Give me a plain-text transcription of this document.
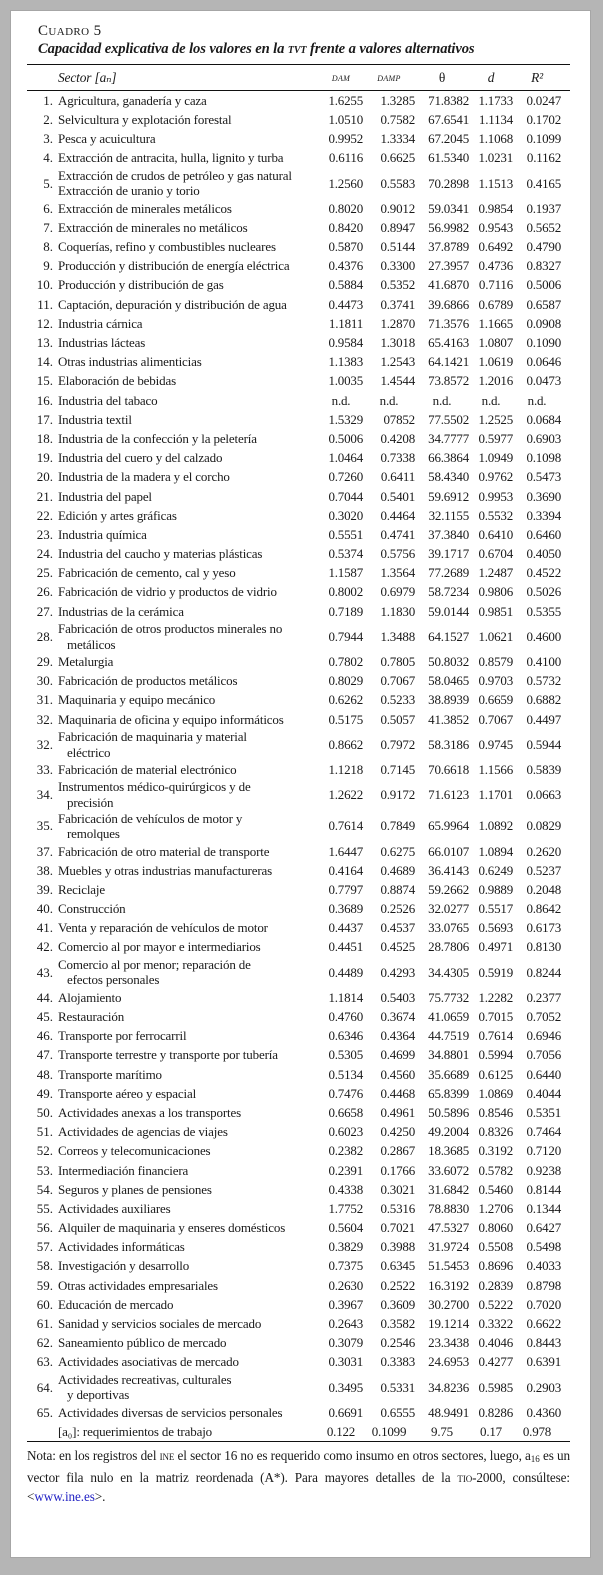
Cuadro 5
Capacidad explicativa de los valores en la tvt frente a valores alternativos
Sector [aₙ]	dam	damp	θ	d	R²
1. Agricultura, ganadería y caza	1.6255	1.3285	71.8382 1.1733	0.0247
2. Selvicultura y explotación forestal	1.0510	0.7582	67.6541 1.1134	0.1702
3. Pesca y acuicultura	0.9952	1.3334	67.2045 1.1068	0.1099
4. Extracción de antracita, hulla, lignito y turba	0.6116	0.6625	61.5340 1.0231	0.1162
5.
Extracción de crudos de petróleo y gas natural
Extracción de uranio y torio
1.2560	0.5583	70.2898 1.1513	0.4165
6. Extracción de minerales metálicos	0.8020	0.9012	59.0341 0.9854	0.1937
7. Extracción de minerales no metálicos	0.8420	0.8947	56.9982 0.9543	0.5652
8. Coquerías, refino y combustibles nucleares	0.5870	0.5144	37.8789 0.6492	0.4790
9. Producción y distribución de energía eléctrica	0.4376	0.3300	27.3957 0.4736	0.8327
10. Producción y distribución de gas	0.5884	0.5352	41.6870 0.7116	0.5006
11. Captación, depuración y distribución de agua	0.4473	0.3741	39.6866 0.6789	0.6587
12. Industria cárnica	1.1811	1.2870	71.3576 1.1665	0.0908
13. Industrias lácteas	0.9584	1.3018	65.4163 1.0807	0.1090
14. Otras industrias alimenticias	1.1383	1.2543	64.1421 1.0619	0.0646
15. Elaboración de bebidas	1.0035	1.4544	73.8572 1.2016	0.0473
16. Industria del tabaco	n.d.	n.d.	n.d.	n.d.	n.d.
17. Industria textil	1.5329	07852	77.5502 1.2525	0.0684
18. Industria de la confección y la peletería	0.5006	0.4208	34.7777 0.5977	0.6903
19. Industria del cuero y del calzado	1.0464	0.7338	66.3864 1.0949	0.1098
20. Industria de la madera y el corcho	0.7260	0.6411	58.4340 0.9762	0.5473
21. Industria del papel	0.7044	0.5401	59.6912 0.9953	0.3690
22. Edición y artes gráficas	0.3020	0.4464	32.1155 0.5532	0.3394
23. Industria química	0.5551	0.4741	37.3840 0.6410	0.6460
24. Industria del caucho y materias plásticas	0.5374	0.5756	39.1717 0.6704	0.4050
25. Fabricación de cemento, cal y yeso	1.1587	1.3564	77.2689 1.2487	0.4522
26. Fabricación de vidrio y productos de vidrio	0.8002	0.6979	58.7234 0.9806	0.5026
27. Industrias de la cerámica	0.7189	1.1830	59.0144 0.9851	0.5355
28.
Fabricación de otros productos minerales no
metálicos
0.7944	1.3488	64.1527 1.0621	0.4600
29. Metalurgia	0.7802	0.7805	50.8032 0.8579	0.4100
30. Fabricación de productos metálicos	0.8029	0.7067	58.0465 0.9703	0.5732
31. Maquinaria y equipo mecánico	0.6262	0.5233	38.8939 0.6659	0.6882
32. Maquinaria de oficina y equipo informáticos	0.5175	0.5057	41.3852 0.7067	0.4497
32.
Fabricación de maquinaria y material
eléctrico
0.8662	0.7972	58.3186 0.9745	0.5944
33. Fabricación de material electrónico	1.1218	0.7145	70.6618 1.1566	0.5839
34.
Instrumentos médico-quirúrgicos y de
precisión
1.2622	0.9172	71.6123 1.1701	0.0663
35.
Fabricación de vehículos de motor y
remolques
0.7614	0.7849	65.9964 1.0892	0.0829
37. Fabricación de otro material de transporte	1.6447	0.6275	66.0107 1.0894	0.2620
38. Muebles y otras industrias manufactureras	0.4164	0.4689	36.4143 0.6249	0.5237
39. Reciclaje	0.7797	0.8874	59.2662 0.9889	0.2048
40. Construcción	0.3689	0.2526	32.0277 0.5517	0.8642
41. Venta y reparación de vehículos de motor	0.4437	0.4537	33.0765 0.5693	0.6173
42. Comercio al por mayor e intermediarios	0.4451	0.4525	28.7806 0.4971	0.8130
43.
Comercio al por menor; reparación de
efectos personales
0.4489	0.4293	34.4305 0.5919	0.8244
44. Alojamiento	1.1814	0.5403	75.7732 1.2282	0.2377
45. Restauración	0.4760	0.3674	41.0659 0.7015	0.7052
46. Transporte por ferrocarril	0.6346	0.4364	44.7519 0.7614	0.6946
47. Transporte terrestre y transporte por tubería	0.5305	0.4699	34.8801 0.5994	0.7056
48. Transporte marítimo	0.5134	0.4560	35.6689 0.6125	0.6440
49. Transporte aéreo y espacial	0.7476	0.4468	65.8399 1.0869	0.4044
50. Actividades anexas a los transportes	0.6658	0.4961	50.5896 0.8546	0.5351
51. Actividades de agencias de viajes	0.6023	0.4250	49.2004 0.8326	0.7464
52. Correos y telecomunicaciones	0.2382	0.2867	18.3685 0.3192	0.7120
53. Intermediación financiera	0.2391	0.1766	33.6072 0.5782	0.9238
54. Seguros y planes de pensiones	0.4338	0.3021	31.6842 0.5460	0.8144
55. Actividades auxiliares	1.7752	0.5316	78.8830 1.2706	0.1344
56. Alquiler de maquinaria y enseres domésticos	0.5604	0.7021	47.5327 0.8060	0.6427
57. Actividades informáticas	0.3829	0.3988	31.9724 0.5508	0.5498
58. Investigación y desarrollo	0.7375	0.6345	51.5453 0.8696	0.4033
59. Otras actividades empresariales	0.2630	0.2522	16.3192 0.2839	0.8798
60. Educación de mercado	0.3967	0.3609	30.2700 0.5222	0.7020
61. Sanidad y servicios sociales de mercado	0.2643	0.3582	19.1214 0.3322	0.6622
62. Saneamiento público de mercado	0.3079	0.2546	23.3438 0.4046	0.8443
63. Actividades asociativas de mercado	0.3031	0.3383	24.6953 0.4277	0.6391
64.
Actividades recreativas, culturales
y deportivas
0.3495	0.5331	34.8236 0.5985	0.2903
65. Actividades diversas de servicios personales	0.6691	0.6555	48.9491 0.8286	0.4360
[a₀]: requerimientos de trabajo	0.122	0.1099	9.75	0.17	0.978
Nota: en los registros del ine el sector 16 no es requerido como insumo en otros sectores, luego, $a_{16}$ es un vector fila nulo en la matriz reordenada (A*). Para mayores detalles de la tio-2000, consúltese: <www.ine.es>.
